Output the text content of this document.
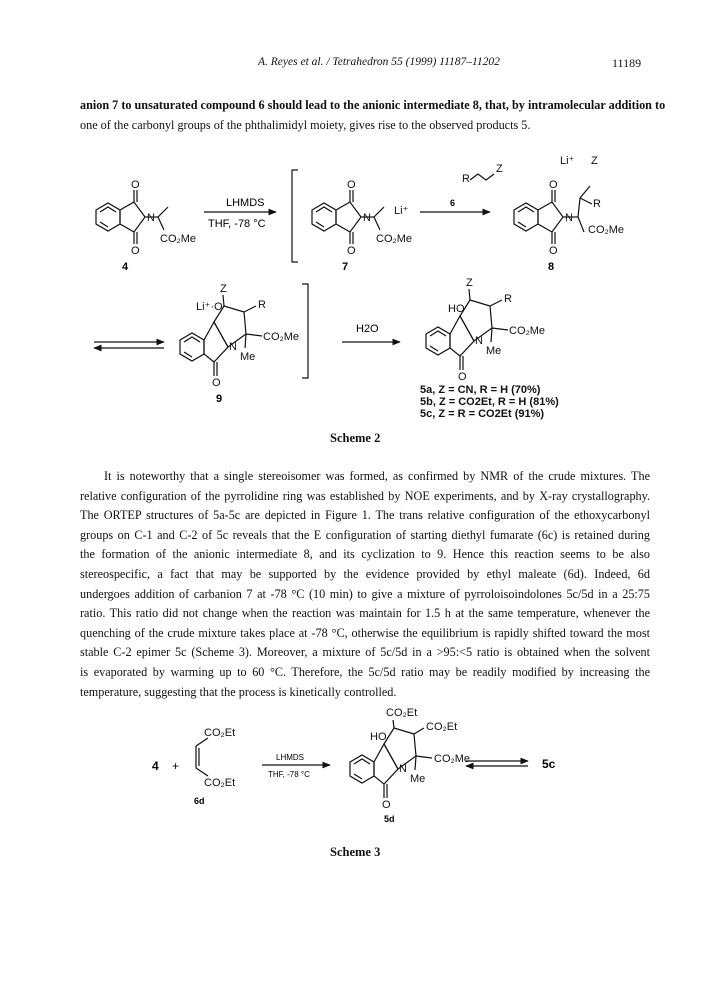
A. Reyes et al. / Tetrahedron 55 (1999) 11187–11202	11189
anion 7 to unsaturated compound 6 should lead to the anionic intermediate 8, that, by intramolecular addition to
one of the carbonyl groups of the phthalimidyl moiety, gives rise to the observed products 5.
O
O
N
CO₂Me
O
O
N
CO₂Me
Li⁺
R
Z
O
O
N
CO₂Me
Li⁺ Z
R
Li⁺·O
Z
R
N
CO₂Me
Me
O
HO
Z
R
N
CO₂Me
Me
O
4	7	8
9
LHMDS
THF, -78 °C
6
H2O
5a, Z = CN, R = H (70%)
5b, Z = CO2Et, R = H (81%)
5c, Z = R = CO2Et (91%)
Scheme 2
It is noteworthy that a single stereoisomer was formed, as confirmed by NMR of the crude mixtures. The
relative configuration of the pyrrolidine ring was established by NOE experiments, and by X-ray crystallography.
The ORTEP structures of 5a-5c are depicted in Figure 1. The trans relative configuration of the ethoxycarbonyl
groups on C-1 and C-2 of 5c reveals that the E configuration of starting diethyl fumarate (6c) is retained during
the formation of the anionic intermediate 8, and its cyclization to 9. Hence this reaction seems to be also
stereospecific, a fact that may be supported by the evidence provided by ethyl maleate (6d). Indeed, 6d
undergoes addition of carbanion 7 at -78 °C (10 min) to give a mixture of pyrroloisoindolones 5c/5d in a 25:75
ratio. This ratio did not change when the reaction was maintain for 1.5 h at the same temperature, whenever the
quenching of the crude mixture takes place at -78 °C, otherwise the equilibrium is rapidly shifted toward the most
stable C-2 epimer 5c (Scheme 3). Moreover, a mixture of 5c/5d in a >95:<5 ratio is obtained when the solvent
is evaporated by warming up to 60 °C. Therefore, the 5c/5d ratio may be readily modified by increasing the
temperature, suggesting that the process is kinetically controlled.
CO₂Et
CO₂Et
CO₂Et
HO
CO₂Et
N
CO₂Me
Me
O
4 +
LHMDS
THF, -78 °C
6d
5d
5c
Scheme 3
